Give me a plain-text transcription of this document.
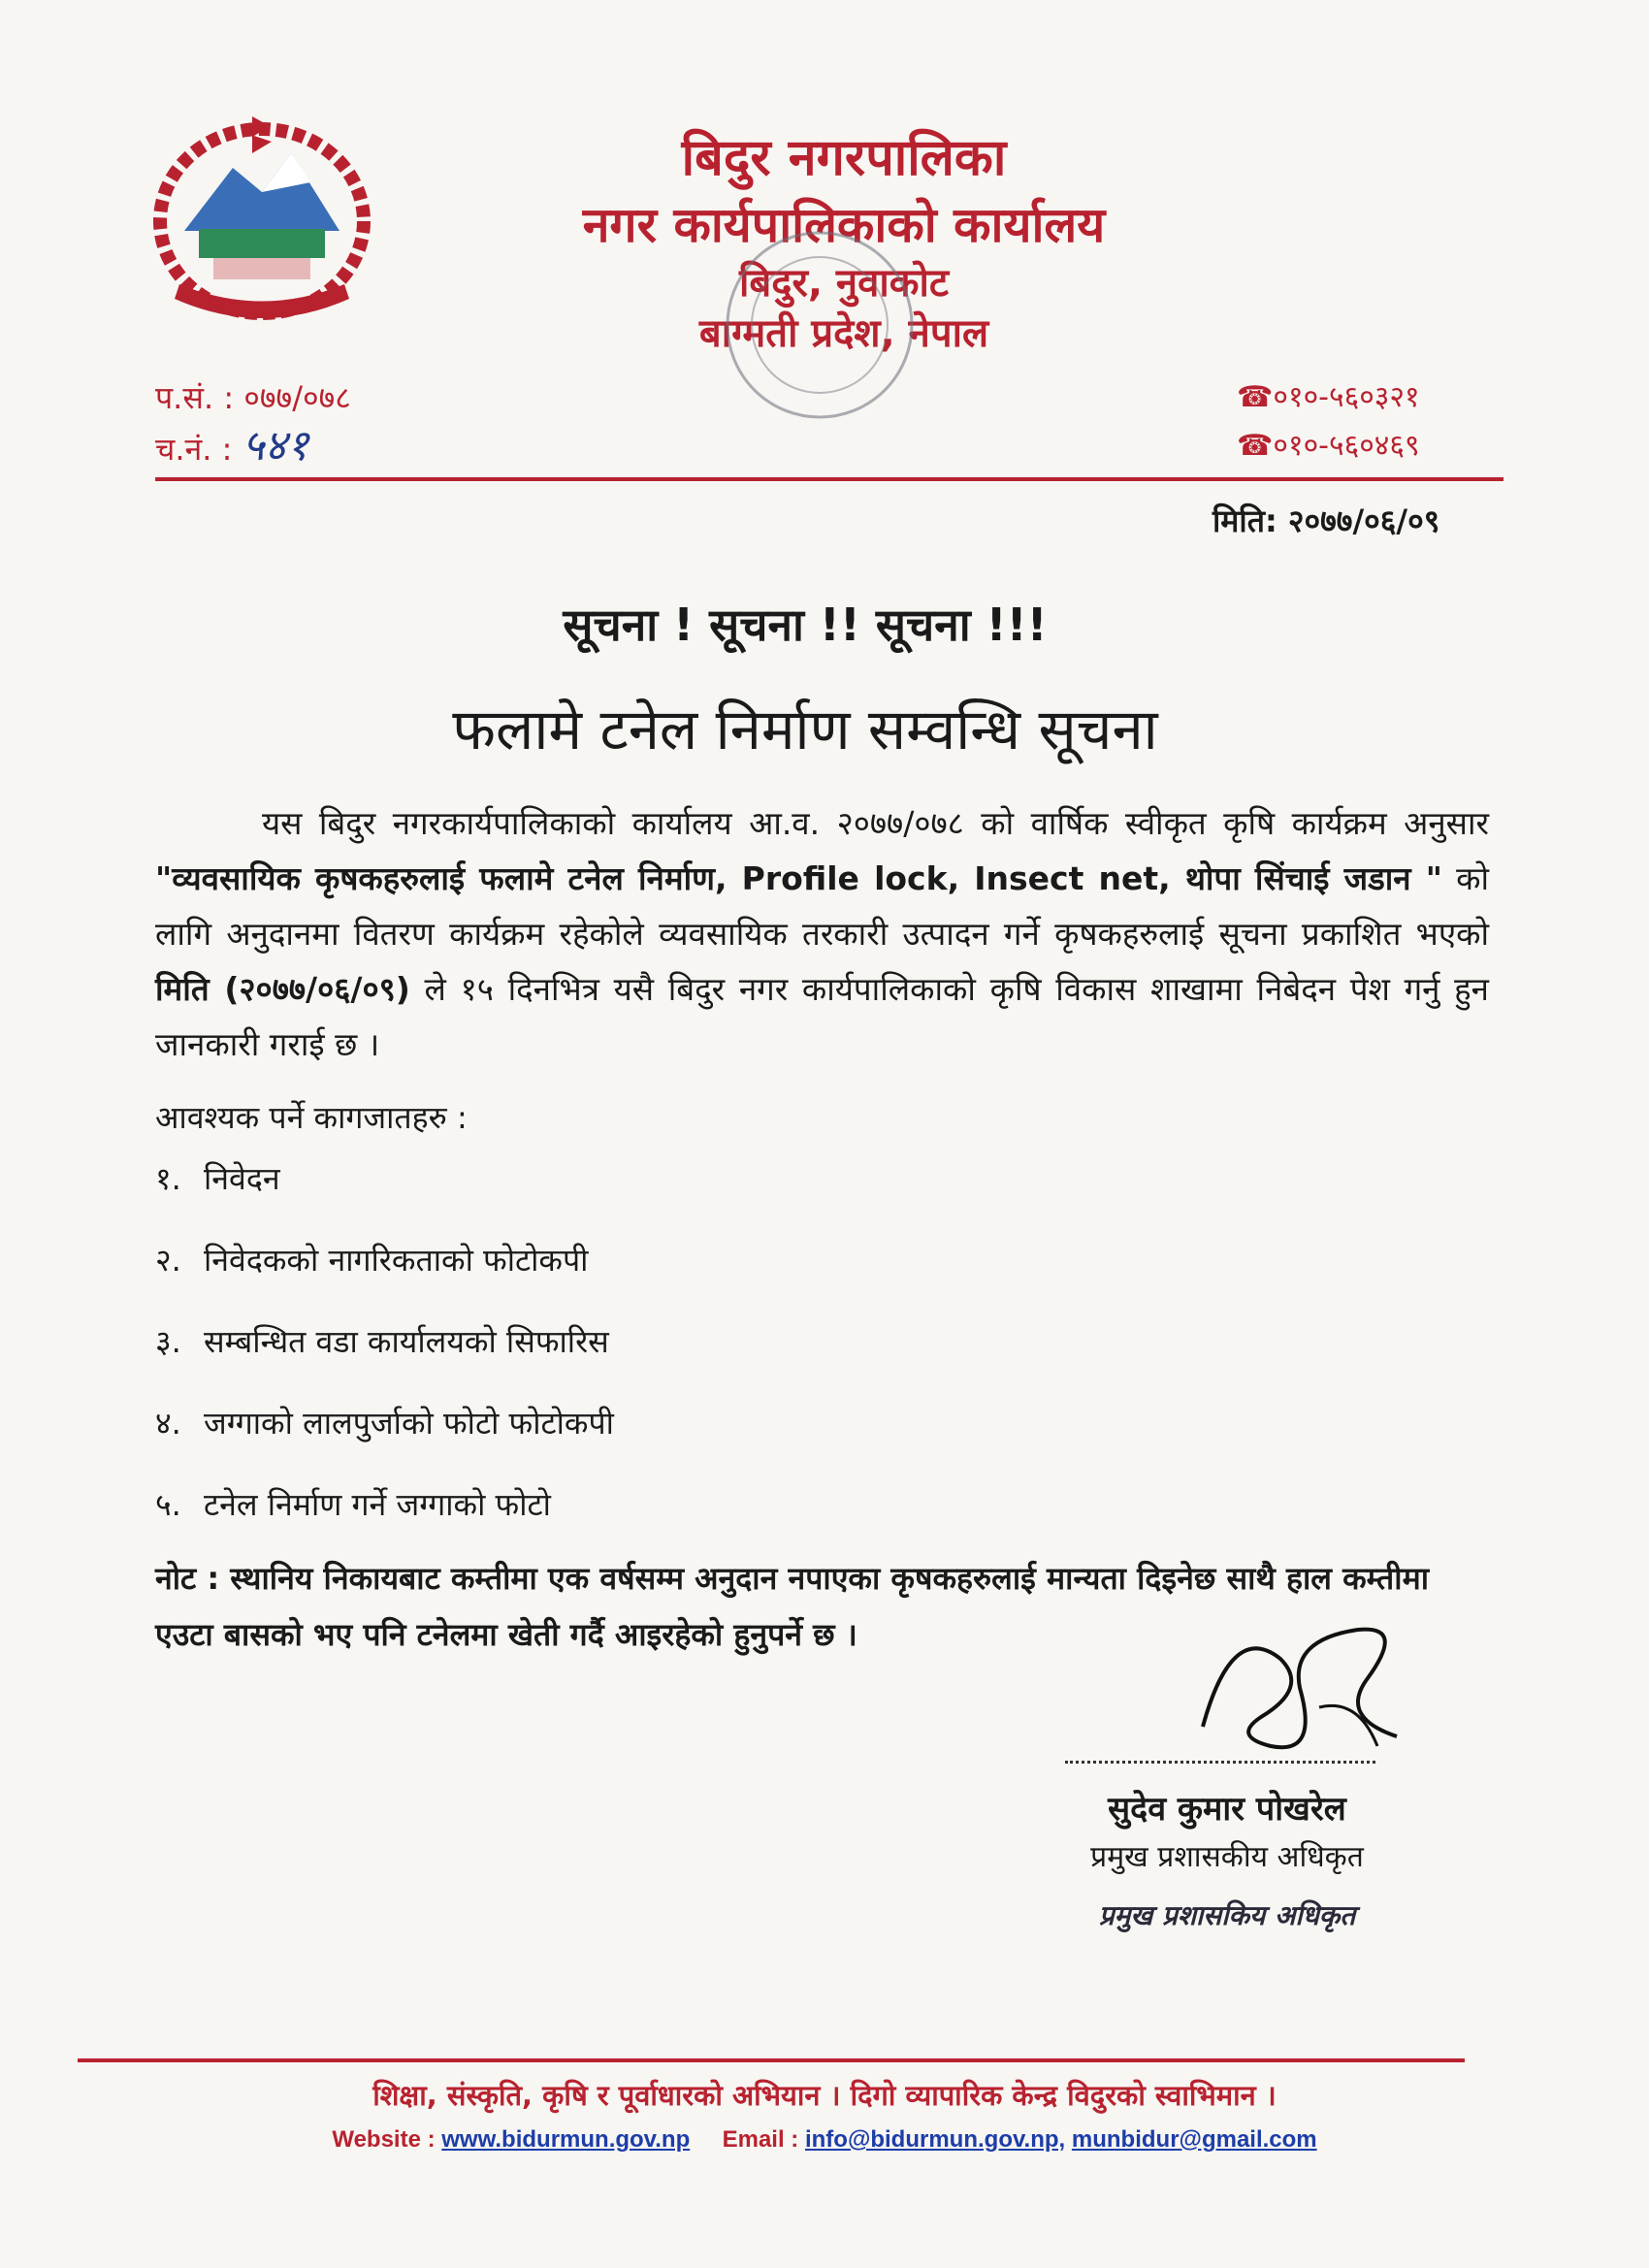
बिदुर नगरपालिका

नगर कार्यपालिकाको कार्यालय

बिदुर, नुवाकोट

बाग्मती प्रदेश, नेपाल

प.सं. : ०७७/०७८
च.नं. : ५४१
☎०१०-५६०३२१
☎०१०-५६०४६९
मिति: २०७७/०६/०९
सूचना ! सूचना !! सूचना !!!
फलामे टनेल निर्माण सम्वन्धि सूचना
यस बिदुर नगरकार्यपालिकाको कार्यालय आ.व. २०७७/०७८ को वार्षिक स्वीकृत कृषि कार्यक्रम अनुसार "व्यवसायिक कृषकहरुलाई फलामे टनेल निर्माण, Profile lock, Insect net, थोपा सिंचाई जडान " को लागि अनुदानमा वितरण कार्यक्रम रहेकोले व्यवसायिक तरकारी उत्पादन गर्ने कृषकहरुलाई सूचना प्रकाशित भएको मिति (२०७७/०६/०९) ले १५ दिनभित्र यसै बिदुर नगर कार्यपालिकाको कृषि विकास शाखामा निबेदन पेश गर्नु हुन जानकारी गराई छ ।
आवश्यक पर्ने कागजातहरु :
१. निवेदन
२. निवेदकको नागरिकताको फोटोकपी
३. सम्बन्धित वडा कार्यालयको सिफारिस
४. जग्गाको लालपुर्जाको फोटो फोटोकपी
५. टनेल निर्माण गर्ने जग्गाको फोटो
नोट : स्थानिय निकायबाट कम्तीमा एक वर्षसम्म अनुदान नपाएका कृषकहरुलाई मान्यता दिइनेछ साथै हाल कम्तीमा एउटा बासको भए पनि टनेलमा खेती गर्दै आइरहेको हुनुपर्ने छ ।
सुदेव कुमार पोखरेल
प्रमुख प्रशासकीय अधिकृत
प्रमुख प्रशासकिय अधिकृत
शिक्षा, संस्कृति, कृषि र पूर्वाधारको अभियान । दिगो व्यापारिक केन्द्र विदुरको स्वाभिमान ।
Website : www.bidurmun.gov.np Email : info@bidurmun.gov.np, munbidur@gmail.com
